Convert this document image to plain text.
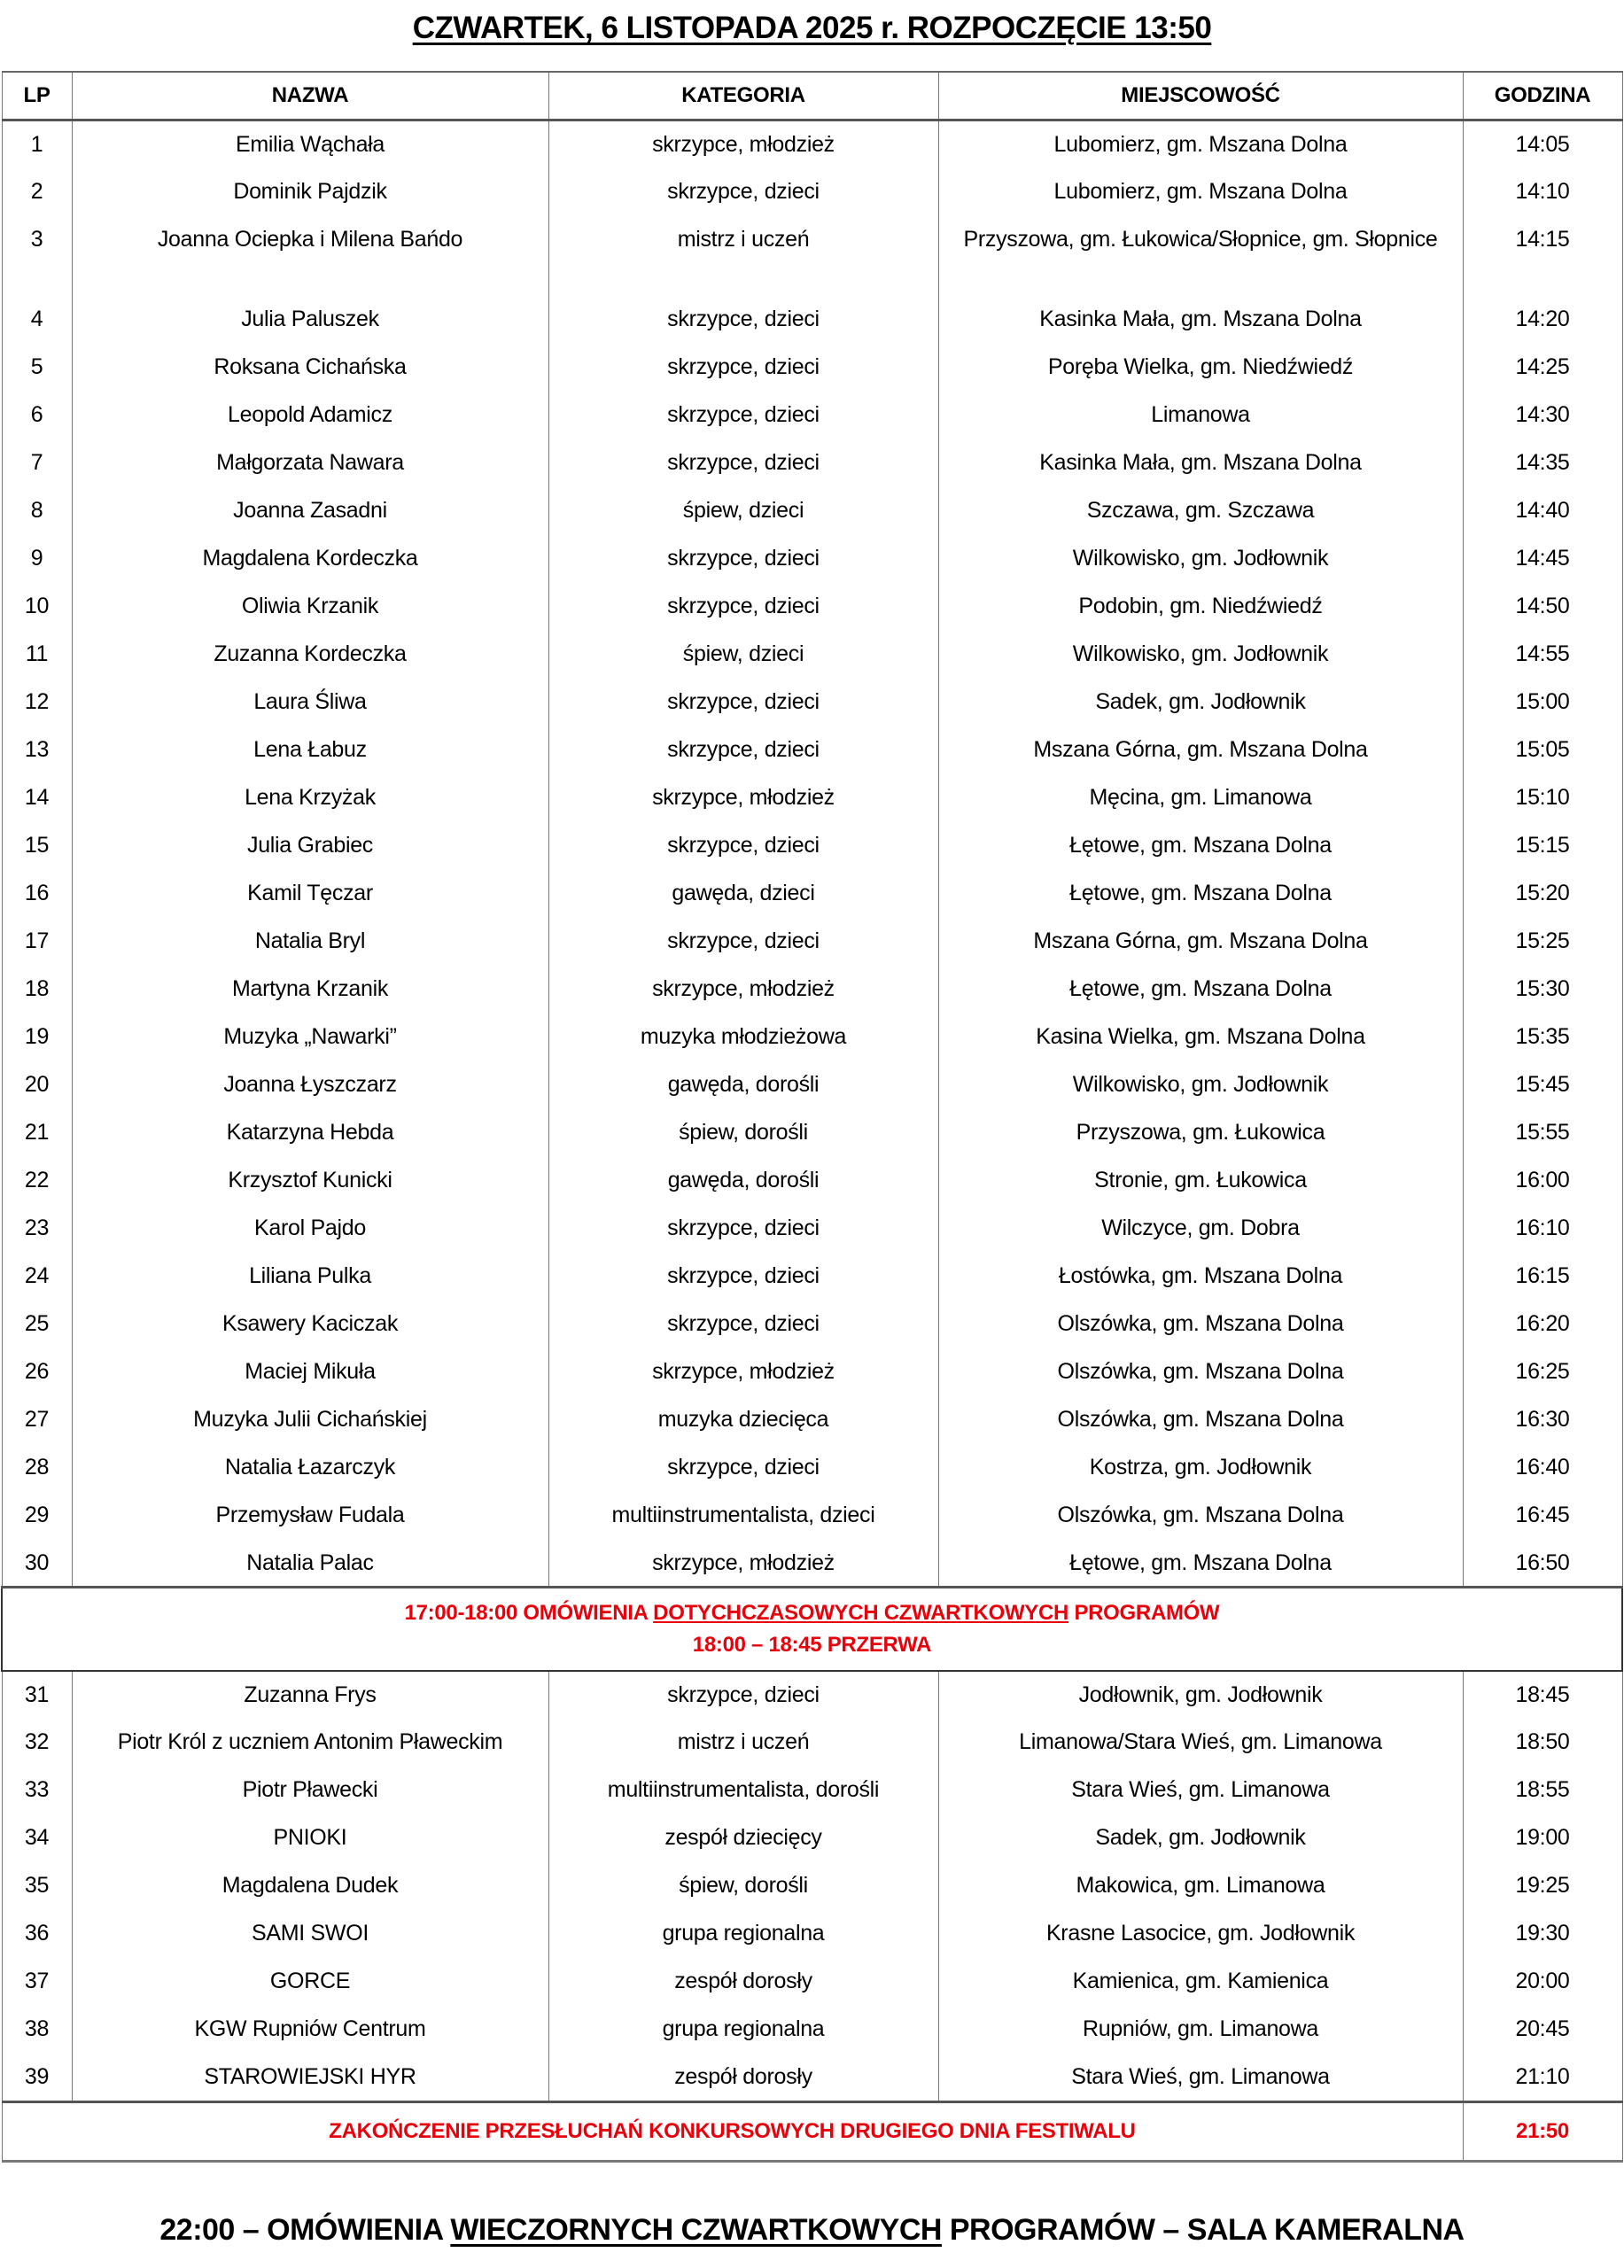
CZWARTEK, 6 LISTOPADA 2025 r. ROZPOCZĘCIE 13:50
LP	NAZWA	KATEGORIA	MIEJSCOWOŚĆ	GODZINA
1	Emilia Wąchała	skrzypce, młodzież	Lubomierz, gm. Mszana Dolna	14:05
2	Dominik Pajdzik	skrzypce, dzieci	Lubomierz, gm. Mszana Dolna	14:10
3	Joanna Ociepka i Milena Bańdo	mistrz i uczeń	Przyszowa, gm. Łukowica/Słopnice, gm. Słopnice	14:15
4	Julia Paluszek	skrzypce, dzieci	Kasinka Mała, gm. Mszana Dolna	14:20
5	Roksana Cichańska	skrzypce, dzieci	Poręba Wielka, gm. Niedźwiedź	14:25
6	Leopold Adamicz	skrzypce, dzieci	Limanowa	14:30
7	Małgorzata Nawara	skrzypce, dzieci	Kasinka Mała, gm. Mszana Dolna	14:35
8	Joanna Zasadni	śpiew, dzieci	Szczawa, gm. Szczawa	14:40
9	Magdalena Kordeczka	skrzypce, dzieci	Wilkowisko, gm. Jodłownik	14:45
10	Oliwia Krzanik	skrzypce, dzieci	Podobin, gm. Niedźwiedź	14:50
11	Zuzanna Kordeczka	śpiew, dzieci	Wilkowisko, gm. Jodłownik	14:55
12	Laura Śliwa	skrzypce, dzieci	Sadek, gm. Jodłownik	15:00
13	Lena Łabuz	skrzypce, dzieci	Mszana Górna, gm. Mszana Dolna	15:05
14	Lena Krzyżak	skrzypce, młodzież	Męcina, gm. Limanowa	15:10
15	Julia Grabiec	skrzypce, dzieci	Łętowe, gm. Mszana Dolna	15:15
16	Kamil Tęczar	gawęda, dzieci	Łętowe, gm. Mszana Dolna	15:20
17	Natalia Bryl	skrzypce, dzieci	Mszana Górna, gm. Mszana Dolna	15:25
18	Martyna Krzanik	skrzypce, młodzież	Łętowe, gm. Mszana Dolna	15:30
19	Muzyka „Nawarki”	muzyka młodzieżowa	Kasina Wielka, gm. Mszana Dolna	15:35
20	Joanna Łyszczarz	gawęda, dorośli	Wilkowisko, gm. Jodłownik	15:45
21	Katarzyna Hebda	śpiew, dorośli	Przyszowa, gm. Łukowica	15:55
22	Krzysztof Kunicki	gawęda, dorośli	Stronie, gm. Łukowica	16:00
23	Karol Pajdo	skrzypce, dzieci	Wilczyce, gm. Dobra	16:10
24	Liliana Pulka	skrzypce, dzieci	Łostówka, gm. Mszana Dolna	16:15
25	Ksawery Kaciczak	skrzypce, dzieci	Olszówka, gm. Mszana Dolna	16:20
26	Maciej Mikuła	skrzypce, młodzież	Olszówka, gm. Mszana Dolna	16:25
27	Muzyka Julii Cichańskiej	muzyka dziecięca	Olszówka, gm. Mszana Dolna	16:30
28	Natalia Łazarczyk	skrzypce, dzieci	Kostrza, gm. Jodłownik	16:40
29	Przemysław Fudala	multiinstrumentalista, dzieci	Olszówka, gm. Mszana Dolna	16:45
30	Natalia Palac	skrzypce, młodzież	Łętowe, gm. Mszana Dolna	16:50
17:00-18:00 OMÓWIENIA DOTYCHCZASOWYCH CZWARTKOWYCH PROGRAMÓW
18:00 – 18:45 PRZERWA				
31	Zuzanna Frys	skrzypce, dzieci	Jodłownik, gm. Jodłownik	18:45
32	Piotr Król z uczniem Antonim Pławeckim	mistrz i uczeń	Limanowa/Stara Wieś, gm. Limanowa	18:50
33	Piotr Pławecki	multiinstrumentalista, dorośli	Stara Wieś, gm. Limanowa	18:55
34	PNIOKI	zespół dziecięcy	Sadek, gm. Jodłownik	19:00
35	Magdalena Dudek	śpiew, dorośli	Makowica, gm. Limanowa	19:25
36	SAMI SWOI	grupa regionalna	Krasne Lasocice, gm. Jodłownik	19:30
37	GORCE	zespół dorosły	Kamienica, gm. Kamienica	20:00
38	KGW Rupniów Centrum	grupa regionalna	Rupniów, gm. Limanowa	20:45
39	STAROWIEJSKI HYR	zespół dorosły	Stara Wieś, gm. Limanowa	21:10
ZAKOŃCZENIE PRZESŁUCHAŃ KONKURSOWYCH DRUGIEGO DNIA FESTIWALU				21:50
22:00 – OMÓWIENIA WIECZORNYCH CZWARTKOWYCH PROGRAMÓW – SALA KAMERALNA
